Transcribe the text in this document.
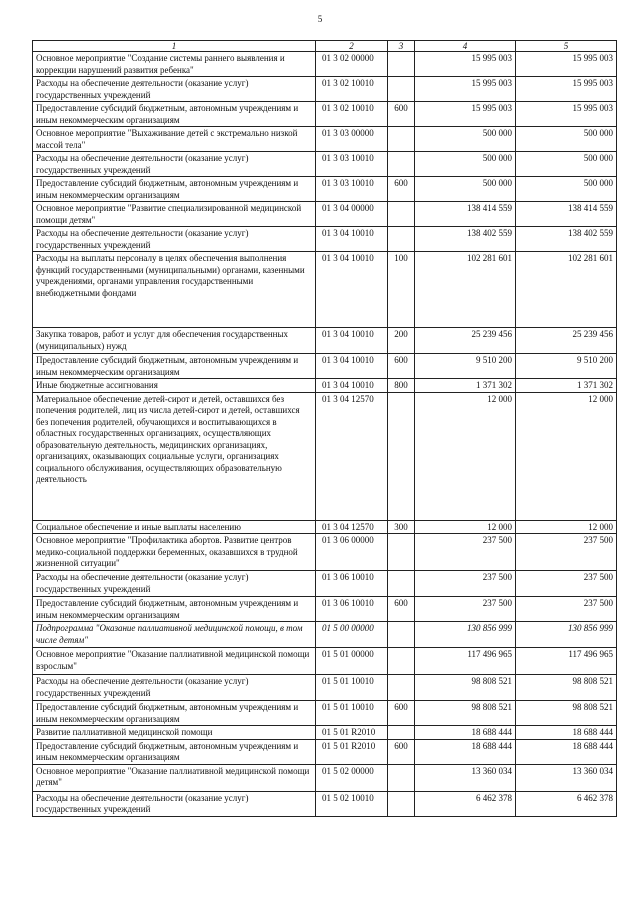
5
1	2	3	4	5
Основное мероприятие "Создание системы раннего выявления и коррекции нарушений развития ребенка"	01 3 02 00000		15 995 003	15 995 003
Расходы на обеспечение деятельности (оказание услуг) государственных учреждений	01 3 02 10010		15 995 003	15 995 003
Предоставление субсидий бюджетным, автономным учреждениям и иным некоммерческим организациям	01 3 02 10010	600	15 995 003	15 995 003
Основное мероприятие "Выхаживание детей с экстремально низкой массой тела"	01 3 03 00000		500 000	500 000
Расходы на обеспечение деятельности (оказание услуг) государственных учреждений	01 3 03 10010		500 000	500 000
Предоставление субсидий бюджетным, автономным учреждениям и иным некоммерческим организациям	01 3 03 10010	600	500 000	500 000
Основное мероприятие "Развитие специализированной медицинской помощи детям"	01 3 04 00000		138 414 559	138 414 559
Расходы на обеспечение деятельности (оказание услуг) государственных учреждений	01 3 04 10010		138 402 559	138 402 559
Расходы на выплаты персоналу в целях обеспечения выполнения функций государственными (муниципальными) органами, казенными учреждениями, органами управления государственными внебюджетными фондами	01 3 04 10010	100	102 281 601	102 281 601
Закупка товаров, работ и услуг для обеспечения государственных (муниципальных) нужд	01 3 04 10010	200	25 239 456	25 239 456
Предоставление субсидий бюджетным, автономным учреждениям и иным некоммерческим организациям	01 3 04 10010	600	9 510 200	9 510 200
Иные бюджетные ассигнования	01 3 04 10010	800	1 371 302	1 371 302
Материальное обеспечение детей-сирот и детей, оставшихся без попечения родителей, лиц из числа детей-сирот и детей, оставшихся без попечения родителей, обучающихся и воспитывающихся в областных государственных организациях, осуществляющих образовательную деятельность, медицинских организациях, организациях, оказывающих социальные услуги, организациях социального обслуживания, осуществляющих образовательную деятельность	01 3 04 12570		12 000	12 000
Социальное обеспечение и иные выплаты населению	01 3 04 12570	300	12 000	12 000
Основное мероприятие "Профилактика абортов. Развитие центров медико-социальной поддержки беременных, оказавшихся в трудной жизненной ситуации"	01 3 06 00000		237 500	237 500
Расходы на обеспечение деятельности (оказание услуг) государственных учреждений	01 3 06 10010		237 500	237 500
Предоставление субсидий бюджетным, автономным учреждениям и иным некоммерческим организациям	01 3 06 10010	600	237 500	237 500
Подпрограмма "Оказание паллиативной медицинской помощи, в том числе детям"	01 5 00 00000		130 856 999	130 856 999
Основное мероприятие "Оказание паллиативной медицинской помощи взрослым"	01 5 01 00000		117 496 965	117 496 965
Расходы на обеспечение деятельности (оказание услуг) государственных учреждений	01 5 01 10010		98 808 521	98 808 521
Предоставление субсидий бюджетным, автономным учреждениям и иным некоммерческим организациям	01 5 01 10010	600	98 808 521	98 808 521
Развитие паллиативной медицинской помощи	01 5 01 R2010		18 688 444	18 688 444
Предоставление субсидий бюджетным, автономным учреждениям и иным некоммерческим организациям	01 5 01 R2010	600	18 688 444	18 688 444
Основное мероприятие "Оказание паллиативной медицинской помощи детям"	01 5 02 00000		13 360 034	13 360 034
Расходы на обеспечение деятельности (оказание услуг) государственных учреждений	01 5 02 10010		6 462 378	6 462 378
